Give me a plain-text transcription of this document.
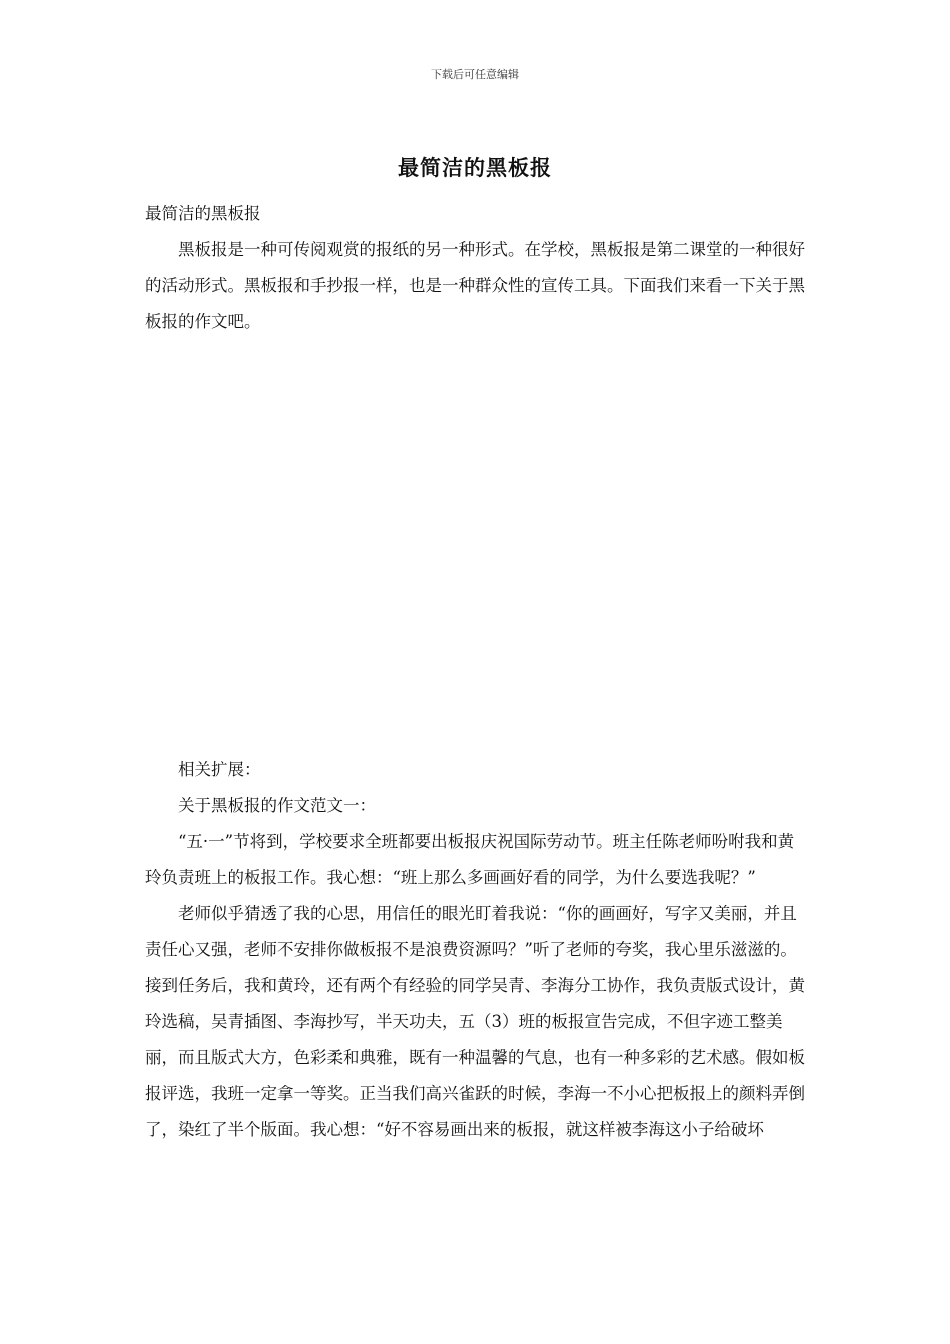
下载后可任意编辑
最简洁的黑板报

最简洁的黑板报

黑板报是一种可传阅观赏的报纸的另一种形式。在学校，黑板报是第二课堂的一种很好的活动形式。黑板报和手抄报一样，也是一种群众性的宣传工具。下面我们来看一下关于黑板报的作文吧。

相关扩展：

关于黑板报的作文范文一：

“五·一”节将到，学校要求全班都要出板报庆祝国际劳动节。班主任陈老师吩咐我和黄玲负责班上的板报工作。我心想：“班上那么多画画好看的同学，为什么要选我呢？”

老师似乎猜透了我的心思，用信任的眼光盯着我说：“你的画画好，写字又美丽，并且责任心又强，老师不安排你做板报不是浪费资源吗？”听了老师的夸奖，我心里乐滋滋的。接到任务后，我和黄玲，还有两个有经验的同学吴青、李海分工协作，我负责版式设计，黄玲选稿，吴青插图、李海抄写，半天功夫，五（3）班的板报宣告完成，不但字迹工整美丽，而且版式大方，色彩柔和典雅，既有一种温馨的气息，也有一种多彩的艺术感。假如板报评选，我班一定拿一等奖。正当我们高兴雀跃的时候，李海一不小心把板报上的颜料弄倒了，染红了半个版面。我心想：“好不容易画出来的板报，就这样被李海这小子给破坏
